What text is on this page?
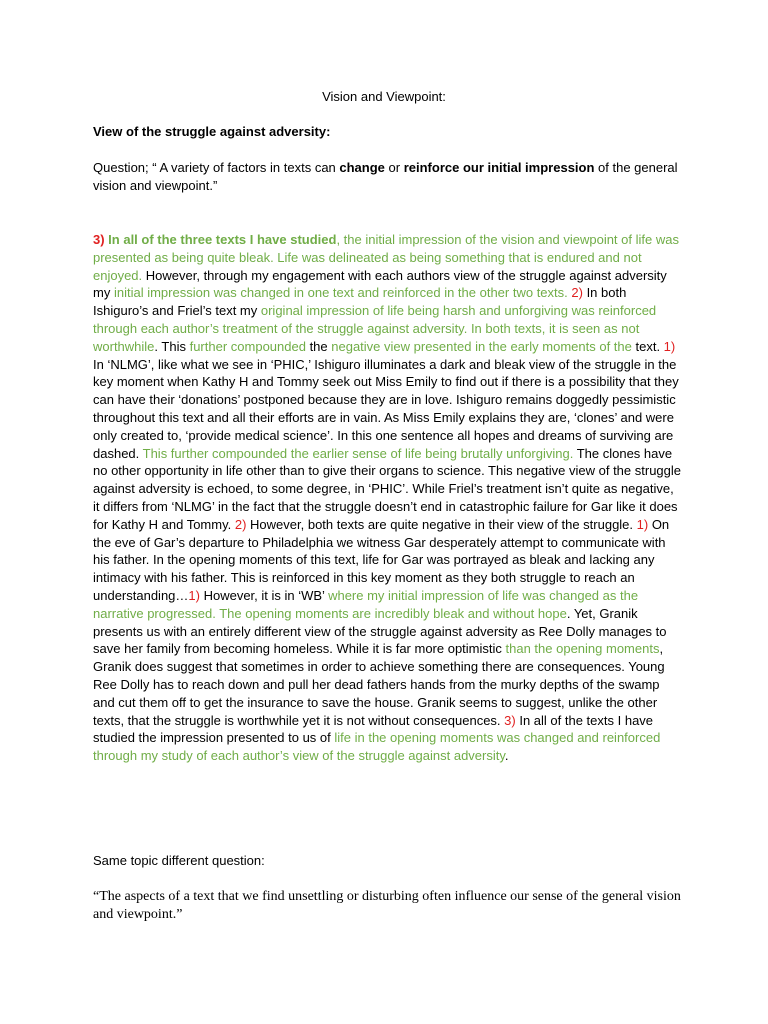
Vision and Viewpoint:
View of the struggle against adversity:
Question; “ A variety of factors in texts can change or reinforce our initial impression of the general vision and viewpoint.”
3) In all of the three texts I have studied, the initial impression of the vision and viewpoint of life was presented as being quite bleak. Life was delineated as being something that is endured and not enjoyed. However, through my engagement with each authors view of the struggle against adversity my initial impression was changed in one text and reinforced in the other two texts. 2) In both Ishiguro’s and Friel’s text my original impression of life being harsh and unforgiving was reinforced through each author’s treatment of the struggle against adversity. In both texts, it is seen as not worthwhile. This further compounded the negative view presented in the early moments of the text. 1) In ‘NLMG’, like what we see in ‘PHIC,’ Ishiguro illuminates a dark and bleak view of the struggle in the key moment when Kathy H and Tommy seek out Miss Emily to find out if there is a possibility that they can have their ‘donations’ postponed because they are in love. Ishiguro remains doggedly pessimistic throughout this text and all their efforts are in vain. As Miss Emily explains they are, ‘clones’ and were only created to, ‘provide medical science’. In this one sentence all hopes and dreams of surviving are dashed. This further compounded the earlier sense of life being brutally unforgiving. The clones have no other opportunity in life other than to give their organs to science. This negative view of the struggle against adversity is echoed, to some degree, in ‘PHIC’. While Friel’s treatment isn’t quite as negative, it differs from ‘NLMG’ in the fact that the struggle doesn’t end in catastrophic failure for Gar like it does for Kathy H and Tommy. 2) However, both texts are quite negative in their view of the struggle. 1) On the eve of Gar’s departure to Philadelphia we witness Gar desperately attempt to communicate with his father. In the opening moments of this text, life for Gar was portrayed as bleak and lacking any intimacy with his father. This is reinforced in this key moment as they both struggle to reach an understanding…1) However, it is in ‘WB’ where my initial impression of life was changed as the narrative progressed. The opening moments are incredibly bleak and without hope. Yet, Granik presents us with an entirely different view of the struggle against adversity as Ree Dolly manages to save her family from becoming homeless. While it is far more optimistic than the opening moments, Granik does suggest that sometimes in order to achieve something there are consequences. Young Ree Dolly has to reach down and pull her dead fathers hands from the murky depths of the swamp and cut them off to get the insurance to save the house. Granik seems to suggest, unlike the other texts, that the struggle is worthwhile yet it is not without consequences. 3) In all of the texts I have studied the impression presented to us of life in the opening moments was changed and reinforced through my study of each author’s view of the struggle against adversity.
Same topic different question:
“The aspects of a text that we find unsettling or disturbing often influence our sense of the general vision and viewpoint.”
